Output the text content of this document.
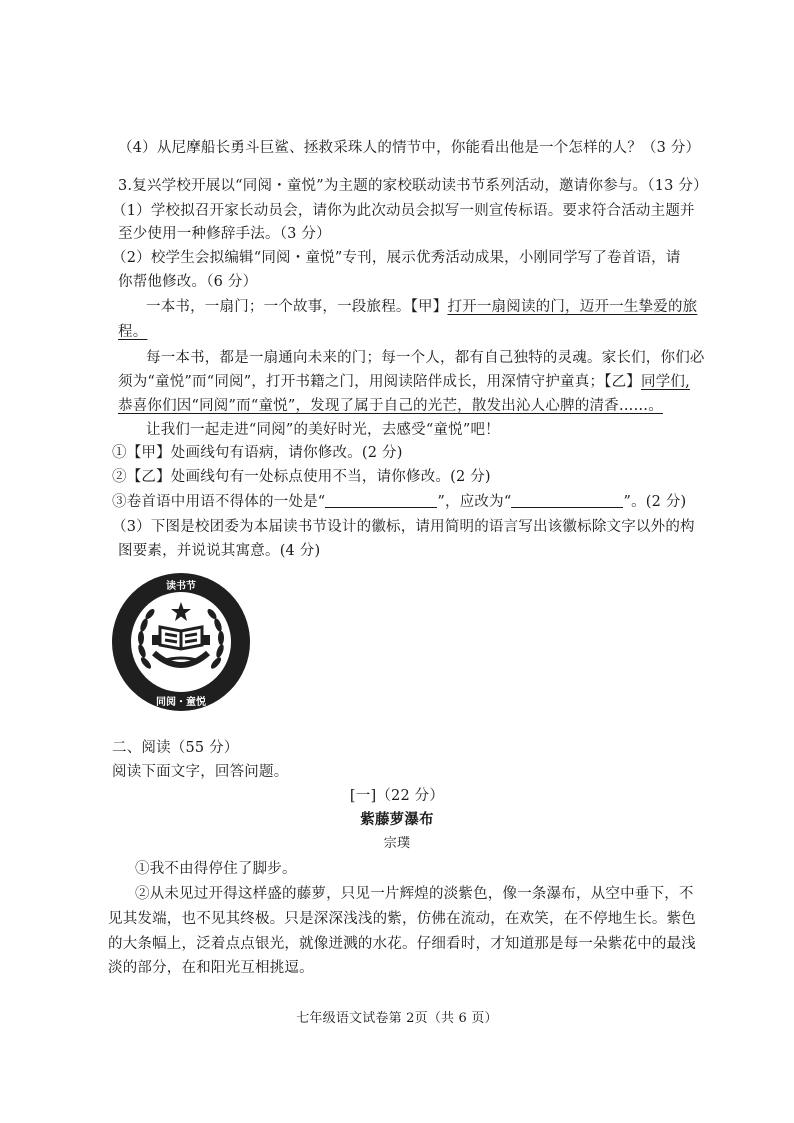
（4）从尼摩船长勇斗巨鲨、拯救采珠人的情节中，你能看出他是一个怎样的人？（3 分）
3.复兴学校开展以“同阅・童悦”为主题的家校联动读书节系列活动，邀请你参与。（13 分）
（1）学校拟召开家长动员会，请你为此次动员会拟写一则宣传标语。要求符合活动主题并
至少使用一种修辞手法。（3 分）
（2）校学生会拟编辑“同阅・童悦”专刊，展示优秀活动成果，小刚同学写了卷首语，请
你帮他修改。（6 分）
一本书，一扇门；一个故事，一段旅程。【甲】打开一扇阅读的门，迈开一生挚爱的旅
程。
每一本书，都是一扇通向未来的门；每一个人，都有自己独特的灵魂。家长们，你们必
须为“童悦”而“同阅”，打开书籍之门，用阅读陪伴成长，用深情守护童真；【乙】同学们,
恭喜你们因“同阅”而“童悦”，发现了属于自己的光芒，散发出沁人心脾的清香……。
让我们一起走进“同阅”的美好时光，去感受“童悦”吧！
①【甲】处画线句有语病，请你修改。(2 分)
②【乙】处画线句有一处标点使用不当，请你修改。(2 分)
③卷首语中用语不得体的一处是“	”，应改为“	”。(2 分)
（3）下图是校团委为本届读书节设计的徽标，请用简明的语言写出该徽标除文字以外的构
图要素，并说说其寓意。(4 分)
读书节
同阅・童悦
二、阅读（55 分）
阅读下面文字，回答问题。
[一]（22 分）
紫藤萝瀑布
宗璞
①我不由得停住了脚步。
②从未见过开得这样盛的藤萝，只见一片辉煌的淡紫色，像一条瀑布，从空中垂下，不
见其发端，也不见其终极。只是深深浅浅的紫，仿佛在流动，在欢笑，在不停地生长。紫色
的大条幅上，泛着点点银光，就像迸溅的水花。仔细看时，才知道那是每一朵紫花中的最浅
淡的部分，在和阳光互相挑逗。
七年级语文试卷第 2页（共 6 页）
